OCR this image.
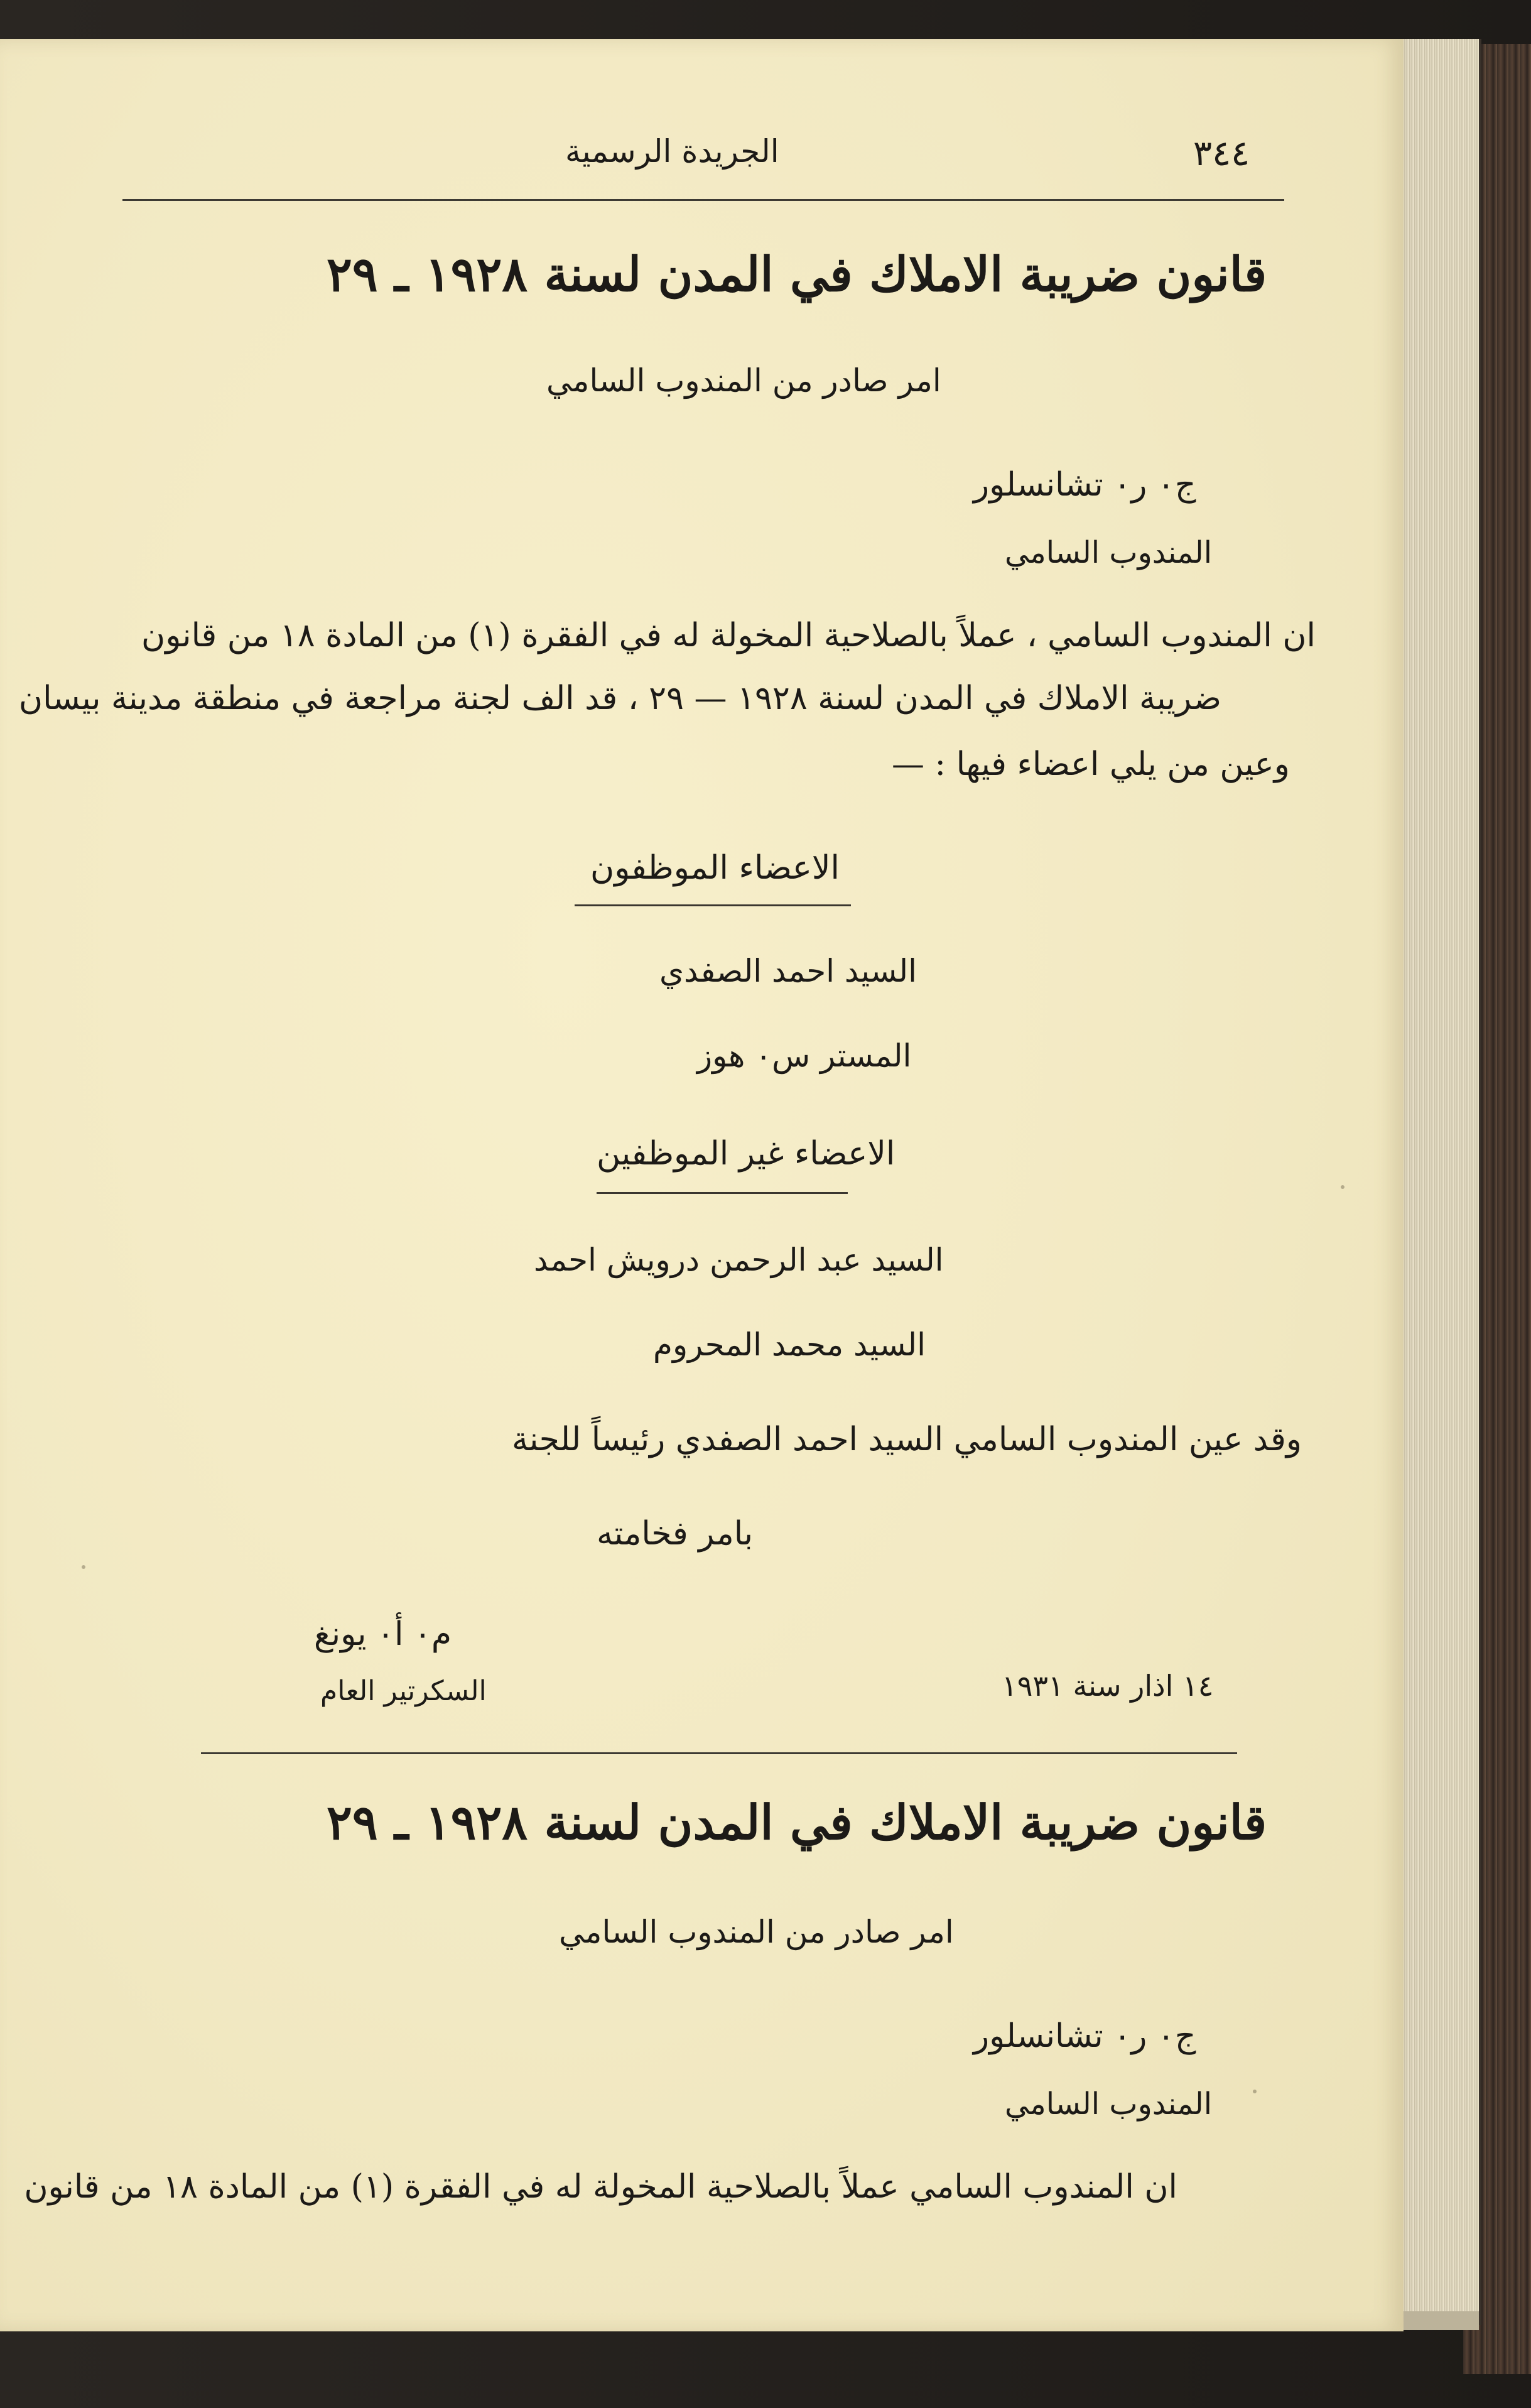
٣٤٤
الجريدة الرسمية
قانون ضريبة الاملاك في المدن لسنة ١٩٢٨ ـ ٢٩
امر صادر من المندوب السامي
ج٠ ر٠ تشانسلور
المندوب السامي
ان المندوب السامي ، عملاً بالصلاحية المخولة له في الفقرة (١) من المادة ١٨ من قانون
ضريبة الاملاك في المدن لسنة ١٩٢٨ — ٢٩ ، قد الف لجنة مراجعة في منطقة مدينة بيسان
وعين من يلي اعضاء فيها : —
الاعضاء الموظفون
السيد احمد الصفدي
المستر س٠ هوز
الاعضاء غير الموظفين
السيد عبد الرحمن درويش احمد
السيد محمد المحروم
وقد عين المندوب السامي السيد احمد الصفدي رئيساً للجنة
بامر فخامته
م٠ أ٠ يونغ
السكرتير العام	١٤ اذار سنة ١٩٣١
قانون ضريبة الاملاك في المدن لسنة ١٩٢٨ ـ ٢٩
امر صادر من المندوب السامي
ج٠ ر٠ تشانسلور
المندوب السامي
ان المندوب السامي عملاً بالصلاحية المخولة له في الفقرة (١) من المادة ١٨ من قانون
